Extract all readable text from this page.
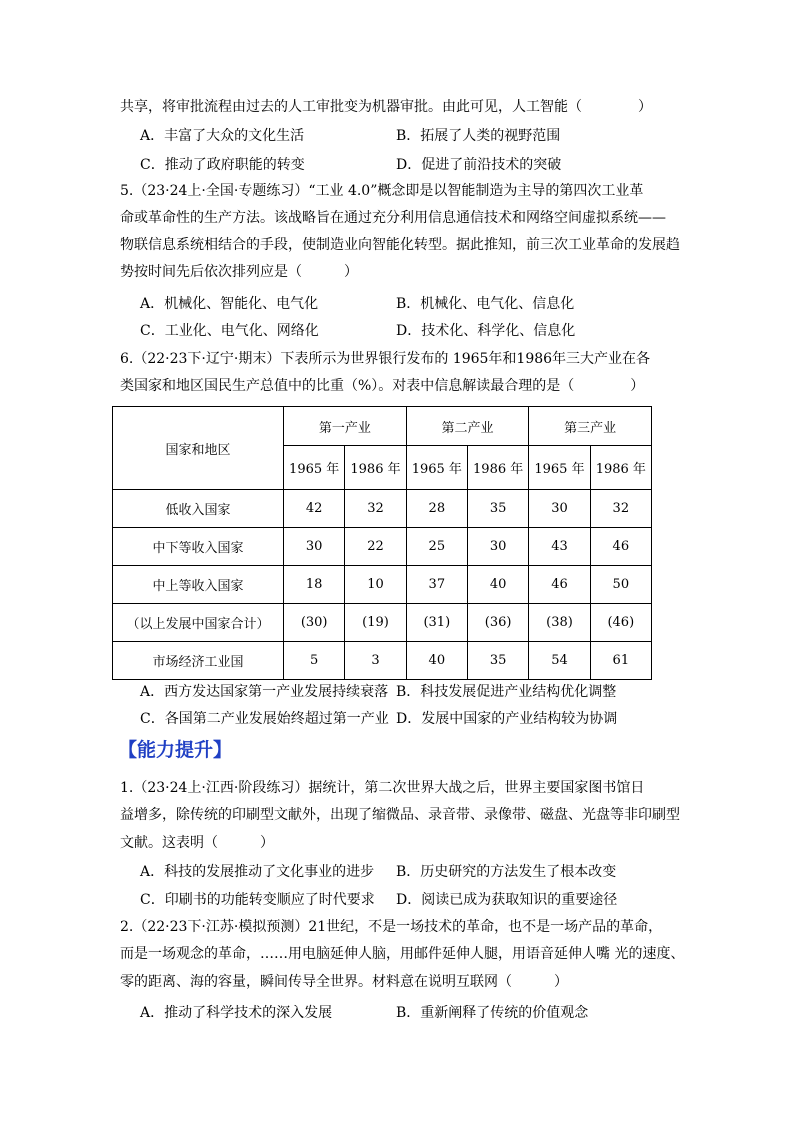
共享，将审批流程由过去的人工审批变为机器审批。由此可见，人工智能（　　　　）
A．丰富了大众的文化生活	B．拓展了人类的视野范围
C．推动了政府职能的转变	D．促进了前沿技术的突破
5.（23·24上·全国·专题练习）“工业 4.0”概念即是以智能制造为主导的第四次工业革
命或革命性的生产方法。该战略旨在通过充分利用信息通信技术和网络空间虚拟系统——
物联信息系统相结合的手段，使制造业向智能化转型。据此推知，前三次工业革命的发展趋
势按时间先后依次排列应是（　　　）
A．机械化、智能化、电气化	B．机械化、电气化、信息化
C．工业化、电气化、网络化	D．技术化、科学化、信息化
6.（22·23下·辽宁·期末）下表所示为世界银行发布的 1965年和1986年三大产业在各
类国家和地区国民生产总值中的比重（%）。对表中信息解读最合理的是（　　　　）
国家和地区	第一产业		第二产业		第三产业	
	1965 年	1986 年	1965 年	1986 年	1965 年	1986 年
低收入国家	42	32	28	35	30	32
中下等收入国家	30	22	25	30	43	46
中上等收入国家	18	10	37	40	46	50
（以上发展中国家合计）	(30)	(19)	(31)	(36)	(38)	(46)
市场经济工业国	5	3	40	35	54	61
A．西方发达国家第一产业发展持续衰落 B．科技发展促进产业结构优化调整
C．各国第二产业发展始终超过第一产业 D．发展中国家的产业结构较为协调
【能力提升】
1.（23·24上·江西·阶段练习）据统计，第二次世界大战之后，世界主要国家图书馆日
益增多，除传统的印刷型文献外，出现了缩微品、录音带、录像带、磁盘、光盘等非印刷型
文献。这表明（　　　）
A．科技的发展推动了文化事业的进步 B．历史研究的方法发生了根本改变
C．印刷书的功能转变顺应了时代要求 D．阅读已成为获取知识的重要途径
2.（22·23下·江苏·模拟预测）21世纪，不是一场技术的革命，也不是一场产品的革命，
而是一场观念的革命，……用电脑延伸人脑，用邮件延伸人腿，用语音延伸人嘴 光的速度、
零的距离、海的容量，瞬间传导全世界。材料意在说明互联网（　　　）
A．推动了科学技术的深入发展	B．重新阐释了传统的价值观念
